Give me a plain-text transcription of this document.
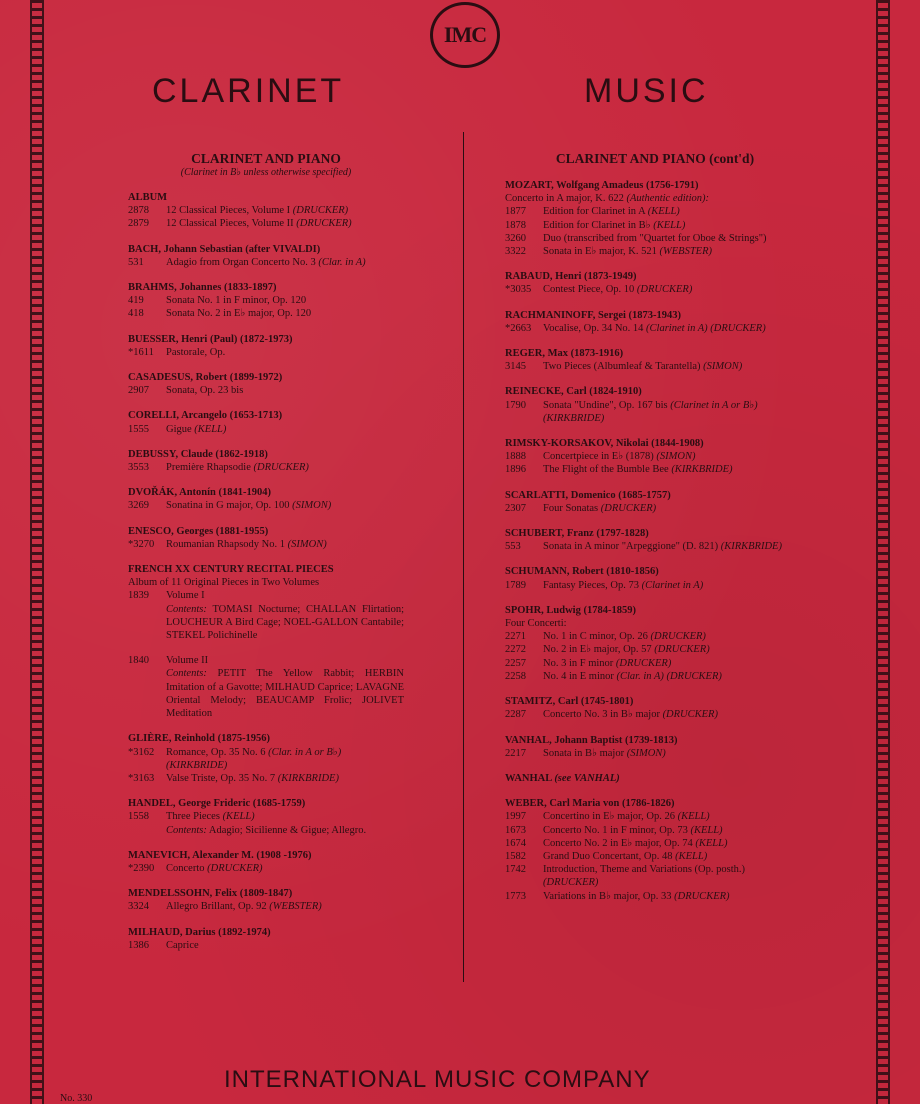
IMC
CLARINET	MUSIC
CLARINET AND PIANO
(Clarinet in B♭ unless otherwise specified)
ALBUM
2878	12 Classical Pieces, Volume I (DRUCKER)
2879	12 Classical Pieces, Volume II (DRUCKER)
BACH, Johann Sebastian (after VIVALDI)
531	Adagio from Organ Concerto No. 3 (Clar. in A)
BRAHMS, Johannes (1833-1897)
419	Sonata No. 1 in F minor, Op. 120
418	Sonata No. 2 in E♭ major, Op. 120
BUESSER, Henri (Paul) (1872-1973)
*1611	Pastorale, Op.
CASADESUS, Robert (1899-1972)
2907	Sonata, Op. 23 bis
CORELLI, Arcangelo (1653-1713)
1555	Gigue (KELL)
DEBUSSY, Claude (1862-1918)
3553	Première Rhapsodie (DRUCKER)
DVOŘÁK, Antonín (1841-1904)
3269	Sonatina in G major, Op. 100 (SIMON)
ENESCO, Georges (1881-1955)
*3270	Roumanian Rhapsody No. 1 (SIMON)
FRENCH XX CENTURY RECITAL PIECES
Album of 11 Original Pieces in Two Volumes
1839	Volume I
Contents: TOMASI Nocturne; CHALLAN Flirtation; LOUCHEUR A Bird Cage; NOEL-GALLON Cantabile; STEKEL Polichinelle
1840	Volume II
Contents: PETIT The Yellow Rabbit; HERBIN Imitation of a Gavotte; MILHAUD Caprice; LAVAGNE Oriental Melody; BEAUCAMP Frolic; JOLIVET Meditation
GLIÈRE, Reinhold (1875-1956)
*3162	Romance, Op. 35 No. 6 (Clar. in A or B♭) (KIRKBRIDE)
*3163	Valse Triste, Op. 35 No. 7 (KIRKBRIDE)
HANDEL, George Frideric (1685-1759)
1558	Three Pieces (KELL)
Contents: Adagio; Sicilienne & Gigue; Allegro.
MANEVICH, Alexander M. (1908 -1976)
*2390	Concerto (DRUCKER)
MENDELSSOHN, Felix (1809-1847)
3324	Allegro Brillant, Op. 92 (WEBSTER)
MILHAUD, Darius (1892-1974)
1386	Caprice
CLARINET AND PIANO (cont'd)
MOZART, Wolfgang Amadeus (1756-1791)
Concerto in A major, K. 622 (Authentic edition):
1877	Edition for Clarinet in A (KELL)
1878	Edition for Clarinet in B♭ (KELL)
3260	Duo (transcribed from "Quartet for Oboe & Strings")
3322	Sonata in E♭ major, K. 521 (WEBSTER)
RABAUD, Henri (1873-1949)
*3035	Contest Piece, Op. 10 (DRUCKER)
RACHMANINOFF, Sergei (1873-1943)
*2663	Vocalise, Op. 34 No. 14 (Clarinet in A) (DRUCKER)
REGER, Max (1873-1916)
3145	Two Pieces (Albumleaf & Tarantella) (SIMON)
REINECKE, Carl (1824-1910)
1790	Sonata "Undine", Op. 167 bis (Clarinet in A or B♭)
(KIRKBRIDE)
RIMSKY-KORSAKOV, Nikolai (1844-1908)
1888	Concertpiece in E♭ (1878) (SIMON)
1896	The Flight of the Bumble Bee (KIRKBRIDE)
SCARLATTI, Domenico (1685-1757)
2307	Four Sonatas (DRUCKER)
SCHUBERT, Franz (1797-1828)
553	Sonata in A minor "Arpeggione" (D. 821) (KIRKBRIDE)
SCHUMANN, Robert (1810-1856)
1789	Fantasy Pieces, Op. 73 (Clarinet in A)
SPOHR, Ludwig (1784-1859)
Four Concerti:
2271	No. 1 in C minor, Op. 26 (DRUCKER)
2272	No. 2 in E♭ major, Op. 57 (DRUCKER)
2257	No. 3 in F minor (DRUCKER)
2258	No. 4 in E minor (Clar. in A) (DRUCKER)
STAMITZ, Carl (1745-1801)
2287	Concerto No. 3 in B♭ major (DRUCKER)
VANHAL, Johann Baptist (1739-1813)
2217	Sonata in B♭ major (SIMON)
WANHAL (see VANHAL)
WEBER, Carl Maria von (1786-1826)
1997	Concertino in E♭ major, Op. 26 (KELL)
1673	Concerto No. 1 in F minor, Op. 73 (KELL)
1674	Concerto No. 2 in E♭ major, Op. 74 (KELL)
1582	Grand Duo Concertant, Op. 48 (KELL)
1742	Introduction, Theme and Variations (Op. posth.)
(DRUCKER)
1773	Variations in B♭ major, Op. 33 (DRUCKER)
INTERNATIONAL MUSIC COMPANY
No. 330
